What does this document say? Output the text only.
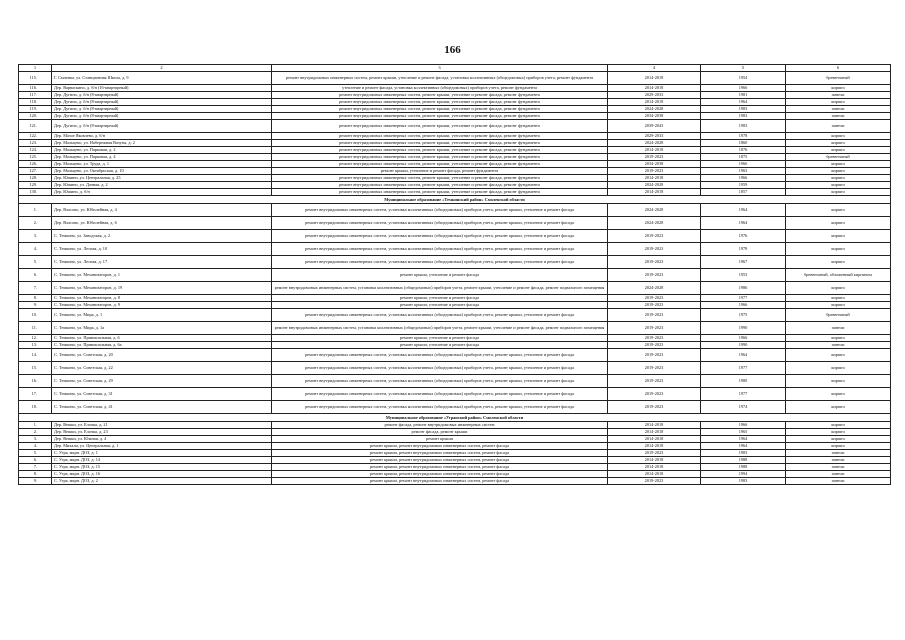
166
1	2	3	4	5	6
115.	Г. Сычевка, ул. Станционная Школа, д. 9	ремонт внутридомовых инженерных систем, ремонт крыши, утепление и ремонт фасада, установка коллективных (общедомовых) приборов учета, ремонт фундамента	2014-2018	1954	бревенчатый
116.	Дер. Варваскино, д. б/н (16-квартирный)	утепление и ремонт фасада, установка коллективных (общедомовых) приборов учета, ремонт фундамента	2014-2018	1966	кирпич
117.	Дер. Дугино, д. б/н (8-квартирный)	ремонт внутридомовых инженерных систем, ремонт крыши, утепление и ремонт фасада, ремонт фундамента	2029-2033	1981	панели
118.	Дер. Дугино, д. б/н (8-квартирный)	ремонт внутридомовых инженерных систем, ремонт крыши, утепление и ремонт фасада, ремонт фундамента	2014-2018	1964	кирпич
119.	Дер. Дугино, д. б/н (8-квартирный)	ремонт внутридомовых инженерных систем, ремонт крыши, утепление и ремонт фасада, ремонт фундамента	2024-2028	1983	панели
120.	Дер. Дугино, д. б/н (8-квартирный)	ремонт внутридомовых инженерных систем, ремонт крыши, утепление и ремонт фасада, ремонт фундамента	2034-2038	1983	панели
121.	Дер. Дугино, д. б/н (8-квартирный)	ремонт внутридомовых инженерных систем, ремонт крыши, утепление и ремонт фасада, ремонт фундамента	2039-2043	1983	панели
122.	Дер. Мазое Яковлево, д. б/н	ремонт внутридомовых инженерных систем, ремонт крыши, утепление и ремонт фасада, ремонт фундамента	2029-2033	1978	кирпич
123.	Дер. Мальцево, ул. Набережная Вазузы, д. 2	ремонт внутридомовых инженерных систем, ремонт крыши, утепление и ремонт фасада, ремонт фундамента	2024-2028	1860	кирпич
124.	Дер. Мальцево, ул. Парковая, д. 2	ремонт внутридомовых инженерных систем, ремонт крыши, утепление и ремонт фасада, ремонт фундамента	2014-2018	1876	кирпич
125.	Дер. Мальцево, ул. Парковая, д. 4	ремонт внутридомовых инженерных систем, ремонт крыши, утепление и ремонт фасада, ремонт фундамента	2019-2023	1875	бревенчатый
126.	Дер. Мальцево, ул. Труда, д. 1	ремонт внутридомовых инженерных систем, ремонт крыши, утепление и ремонт фасада, ремонт фундамента	2034-2038	1966	кирпич
127.	Дер. Мальцево, ул. Октябрьская, д. 10	ремонт крыши, утепление и ремонт фасада, ремонт фундамента	2019-2023	1963	кирпич
128.	Дер. Юшино, ул. Центральная, д. 25	ремонт внутридомовых инженерных систем, ремонт крыши, утепление и ремонт фасада, ремонт фундамента	2014-2018	1966	кирпич
129.	Дер. Юшино, ул. Дачная, д. 2	ремонт внутридомовых инженерных систем, ремонт крыши, утепление и ремонт фасада, ремонт фундамента	2024-2028	1959	кирпич
130.	Дер. Юшино, д. б/н	ремонт внутридомовых инженерных систем, ремонт крыши, утепление и ремонт фасада, ремонт фундамента	2014-2018	1857	кирпич
Муниципальное образование «Темкинский район» Смоленской области					
1.	Дер. Власово, ул. Юбилейная, д. 4	ремонт внутридомовых инженерных систем, установка коллективных (общедомовых) приборов учета, ремонт крыши, утепление и ремонт фасада	2024-2028	1964	кирпич
2.	Дер. Власово, ул. Юбилейная, д. 6	ремонт внутридомовых инженерных систем, установка коллективных (общедомовых) приборов учета, ремонт крыши, утепление и ремонт фасада	2024-2028	1964	кирпич
3.	С. Темкино, ул. Заводская, д. 2	ремонт внутридомовых инженерных систем, установка коллективных (общедомовых) приборов учета, ремонт крыши, утепление и ремонт фасада	2019-2023	1976	кирпич
4.	С. Темкино, ул. Лесная, д. 10	ремонт внутридомовых инженерных систем, установка коллективных (общедомовых) приборов учета, ремонт крыши, утепление и ремонт фасада	2019-2023	1978	кирпич
5.	С. Темкино, ул. Лесная, д. 17	ремонт внутридомовых инженерных систем, установка коллективных (общедомовых) приборов учета, ремонт крыши, утепление и ремонт фасада	2019-2023	1967	кирпич
6.	С. Темкино, ул. Механизаторов, д. 1	ремонт крыши, утепление и ремонт фасада	2019-2023	1953	бревенчатый, обложенный кирпичом
7.	С. Темкино, ул. Механизаторов, д. 19	ремонт внутридомовых инженерных систем, установка коллективных (общедомовых) приборов учета, ремонт крыши, утепление и ремонт фасада, ремонт подвального помещения	2024-2028	1986	кирпич
8.	С. Темкино, ул. Механизаторов, д. 8	ремонт крыши, утепление и ремонт фасада	2019-2023	1977	кирпич
9.	С. Темкино, ул. Механизаторов, д. 9	ремонт крыши, утепление и ремонт фасада	2019-2023	1966	кирпич
10.	С. Темкино, ул. Мира, д. 1	ремонт внутридомовых инженерных систем, установка коллективных (общедомовых) приборов учета, ремонт крыши, утепление и ремонт фасада	2019-2023	1975	бревенчатый
11.	С. Темкино, ул. Мира, д. 1а	ремонт внутридомовых инженерных систем, установка коллективных (общедомовых) приборов учета, ремонт крыши, утепление и ремонт фасада, ремонт подвального помещения	2019-2023	1990	панели
12.	С. Темкино, ул. Привокзальная, д. 6	ремонт крыши, утепление и ремонт фасада	2019-2023	1966	кирпич
13.	С. Темкино, ул. Привокзальная, д. 6а	ремонт крыши, утепление и ремонт фасада	2019-2023	1990	панели
14.	С. Темкино, ул. Советская, д. 20	ремонт внутридомовых инженерных систем, установка коллективных (общедомовых) приборов учета, ремонт крыши, утепление и ремонт фасада	2019-2023	1964	кирпич
15.	С. Темкино, ул. Советская, д. 22	ремонт внутридомовых инженерных систем, установка коллективных (общедомовых) приборов учета, ремонт крыши, утепление и ремонт фасада	2019-2023	1977	кирпич
16.	С. Темкино, ул. Советская, д. 29	ремонт внутридомовых инженерных систем, установка коллективных (общедомовых) приборов учета, ремонт крыши, утепление и ремонт фасада	2019-2023	1980	кирпич
17.	С. Темкино, ул. Советская, д. 31	ремонт внутридомовых инженерных систем, установка коллективных (общедомовых) приборов учета, ремонт крыши, утепление и ремонт фасада	2019-2023	1977	кирпич
18.	С. Темкино, ул. Советская, д. 41	ремонт внутридомовых инженерных систем, установка коллективных (общедомовых) приборов учета, ремонт крыши, утепление и ремонт фасада	2019-2023	1974	кирпич
Муниципальное образование «Угранский район» Смоленской области					
1.	Дер. Вешки, ул. Елочка, д. 21	ремонт фасада, ремонт внутридомовых инженерных систем	2014-2018	1966	кирпич
2.	Дер. Вешки, ул. Елочка, д. 23	ремонт фасада, ремонт крыши	2014-2018	1965	кирпич
3.	Дер. Вешки, ул. Южная, д. 4	ремонт крыши	2014-2018	1964	кирпич
4.	Дер. Михали, ул. Центральная, д. 1	ремонт крыши, ремонт внутридомовых инженерных систем, ремонт фасада	2014-2018	1964	кирпич
5.	С. Угра, мкрн. ДОЗ, д. 1	ремонт крыши, ремонт внутридомовых инженерных систем, ремонт фасада	2019-2023	1983	панели
6.	С. Угра, мкрн. ДОЗ, д. 14	ремонт крыши, ремонт внутридомовых инженерных систем, ремонт фасада	2014-2018	1988	панели
7.	С. Угра, мкрн. ДОЗ, д. 15	ремонт крыши, ремонт внутридомовых инженерных систем, ремонт фасада	2014-2018	1988	панели
8.	С. Угра, мкрн. ДОЗ, д. 16	ремонт крыши, ремонт внутридомовых инженерных систем, ремонт фасада	2014-2018	1994	панели
9.	С. Угра, мкрн. ДОЗ, д. 2	ремонт крыши, ремонт внутридомовых инженерных систем, ремонт фасада	2019-2023	1983	панели
